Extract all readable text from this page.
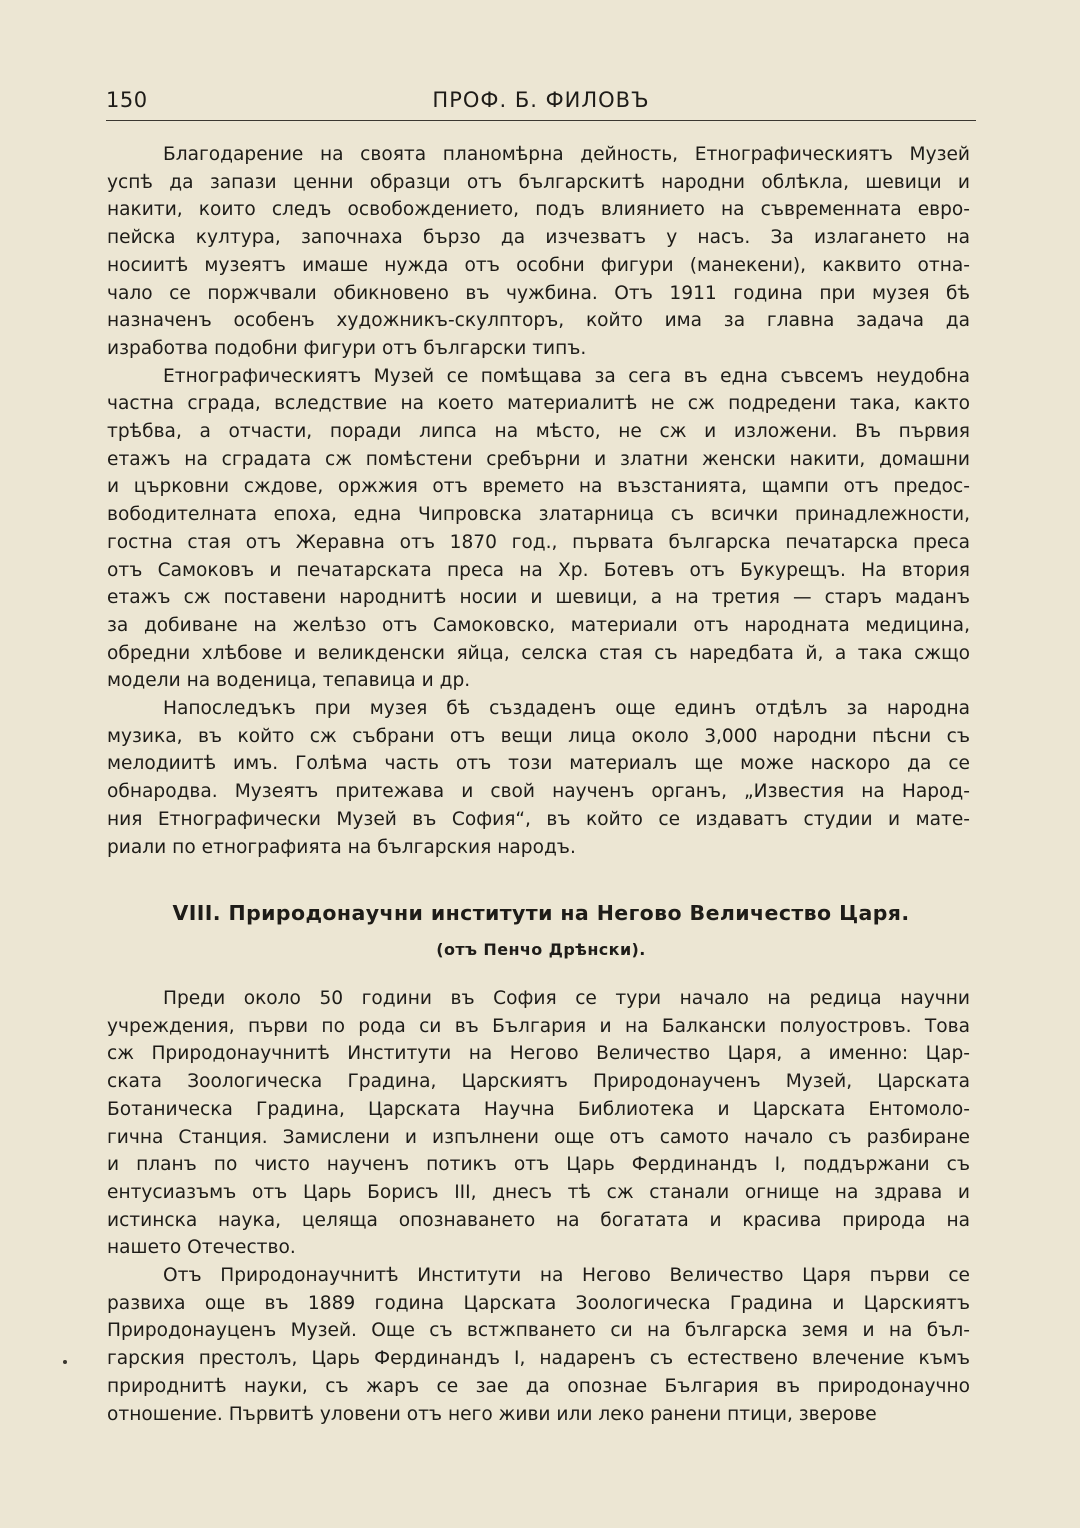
150	ПРОФ. Б. ФИЛОВЪ
Благодарение на своята планомѣрна дейность, Етнографическиятъ Музей
успѣ да запази ценни образци отъ българскитѣ народни облѣкла, шевици и
накити, които следъ освобождението, подъ влиянието на съвременната евро-
пейска култура, започнаха бързо да изчезватъ у насъ. За излагането на
носиитѣ музеятъ имаше нужда отъ особни фигури (манекени), каквито отна-
чало се поржчвали обикновено въ чужбина. Отъ 1911 година при музея бѣ
назначенъ особенъ художникъ-скулпторъ, който има за главна задача да
изработва подобни фигури отъ български типъ.
Етнографическиятъ Музей се помѣщава за сега въ една съвсемъ неудобна
частна сграда, вследствие на което материалитѣ не сж подредени така, както
трѣбва, а отчасти, поради липса на мѣсто, не сж и изложени. Въ първия
етажъ на сградата сж помѣстени сребърни и златни женски накити, домашни
и църковни сждове, оржжия отъ времето на възстанията, щампи отъ предос-
вободителната епоха, една Чипровска златарница съ всички принадлежности,
гостна стая отъ Жеравна отъ 1870 год., първата българска печатарска преса
отъ Самоковъ и печатарската преса на Хр. Ботевъ отъ Букурещъ. На втория
етажъ сж поставени народнитѣ носии и шевици, а на третия — старъ маданъ
за добиване на желѣзо отъ Самоковско, материали отъ народната медицина,
обредни хлѣбове и великденски яйца, селска стая съ наредбата й, а така сжщо
модели на воденица, тепавица и др.
Напоследъкъ при музея бѣ създаденъ още единъ отдѣлъ за народна
музика, въ който сж събрани отъ вещи лица около 3,000 народни пѣсни съ
мелодиитѣ имъ. Голѣма часть отъ този материалъ ще може наскоро да се
обнародва. Музеятъ притежава и свой наученъ органъ, „Известия на Народ-
ния Етнографически Музей въ София“, въ който се издаватъ студии и мате-
риали по етнографията на българския народъ.
VIII. Природонаучни институти на Негово Величество Царя.
(отъ Пенчо Дрѣнски).
Преди около 50 години въ София се тури начало на редица научни
учреждения, първи по рода си въ България и на Балкански полуостровъ. Това
сж Природонаучнитѣ Институти на Негово Величество Царя, а именно: Цар-
ската Зоологическа Градина, Царскиятъ Природонаученъ Музей, Царската
Ботаническа Градина, Царската Научна Библиотека и Царската Ентомоло-
гична Станция. Замислени и изпълнени още отъ самото начало съ разбиране
и планъ по чисто наученъ потикъ отъ Царь Фердинандъ I, поддържани съ
ентусиазъмъ отъ Царь Борисъ III, днесъ тѣ сж станали огнище на здрава и
истинска наука, целяща опознаването на богатата и красива природа на
нашето Отечество.
Отъ Природонаучнитѣ Институти на Негово Величество Царя първи се
развиха още въ 1889 година Царската Зоологическа Градина и Царскиятъ
Природонауценъ Музей. Още съ встжпването си на българска земя и на бъл-
гарския престолъ, Царь Фердинандъ I, надаренъ съ естествено влечение къмъ
природнитѣ науки, съ жаръ се зае да опознае България въ природонаучно
отношение. Първитѣ уловени отъ него живи или леко ранени птици, зверове
